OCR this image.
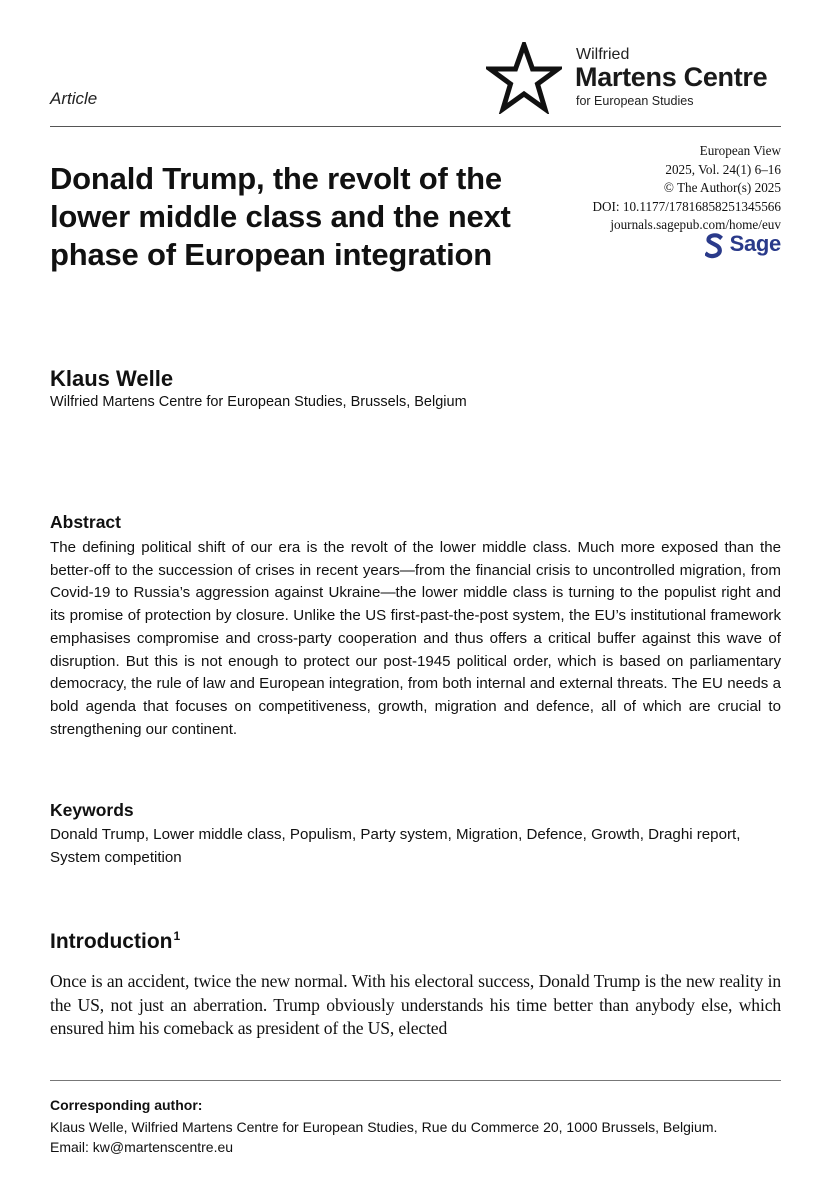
Article
Wilfried
Martens Centre
for European Studies
European View
2025, Vol. 24(1) 6–16
© The Author(s) 2025
DOI: 10.1177/17816858251345566
journals.sagepub.com/home/euv
Sage
Donald Trump, the revolt of the lower middle class and the next phase of European integration
Klaus Welle
Wilfried Martens Centre for European Studies, Brussels, Belgium
Abstract

The defining political shift of our era is the revolt of the lower middle class. Much more exposed than the better-off to the succession of crises in recent years—from the financial crisis to uncontrolled migration, from Covid-19 to Russia’s aggression against Ukraine—the lower middle class is turning to the populist right and its promise of protection by closure. Unlike the US first-past-the-post system, the EU’s institutional framework emphasises compromise and cross-party cooperation and thus offers a critical buffer against this wave of disruption. But this is not enough to protect our post-1945 political order, which is based on parliamentary democracy, the rule of law and European integration, from both internal and external threats. The EU needs a bold agenda that focuses on competitiveness, growth, migration and defence, all of which are crucial to strengthening our continent.

Keywords

Donald Trump, Lower middle class, Populism, Party system, Migration, Defence, Growth, Draghi report, System competition

Introduction$^1$

Once is an accident, twice the new normal. With his electoral success, Donald Trump is the new reality in the US, not just an aberration. Trump obviously understands his time better than anybody else, which ensured him his comeback as president of the US, elected

Corresponding author:
Klaus Welle, Wilfried Martens Centre for European Studies, Rue du Commerce 20, 1000 Brussels, Belgium.
Email: kw@martenscentre.eu
